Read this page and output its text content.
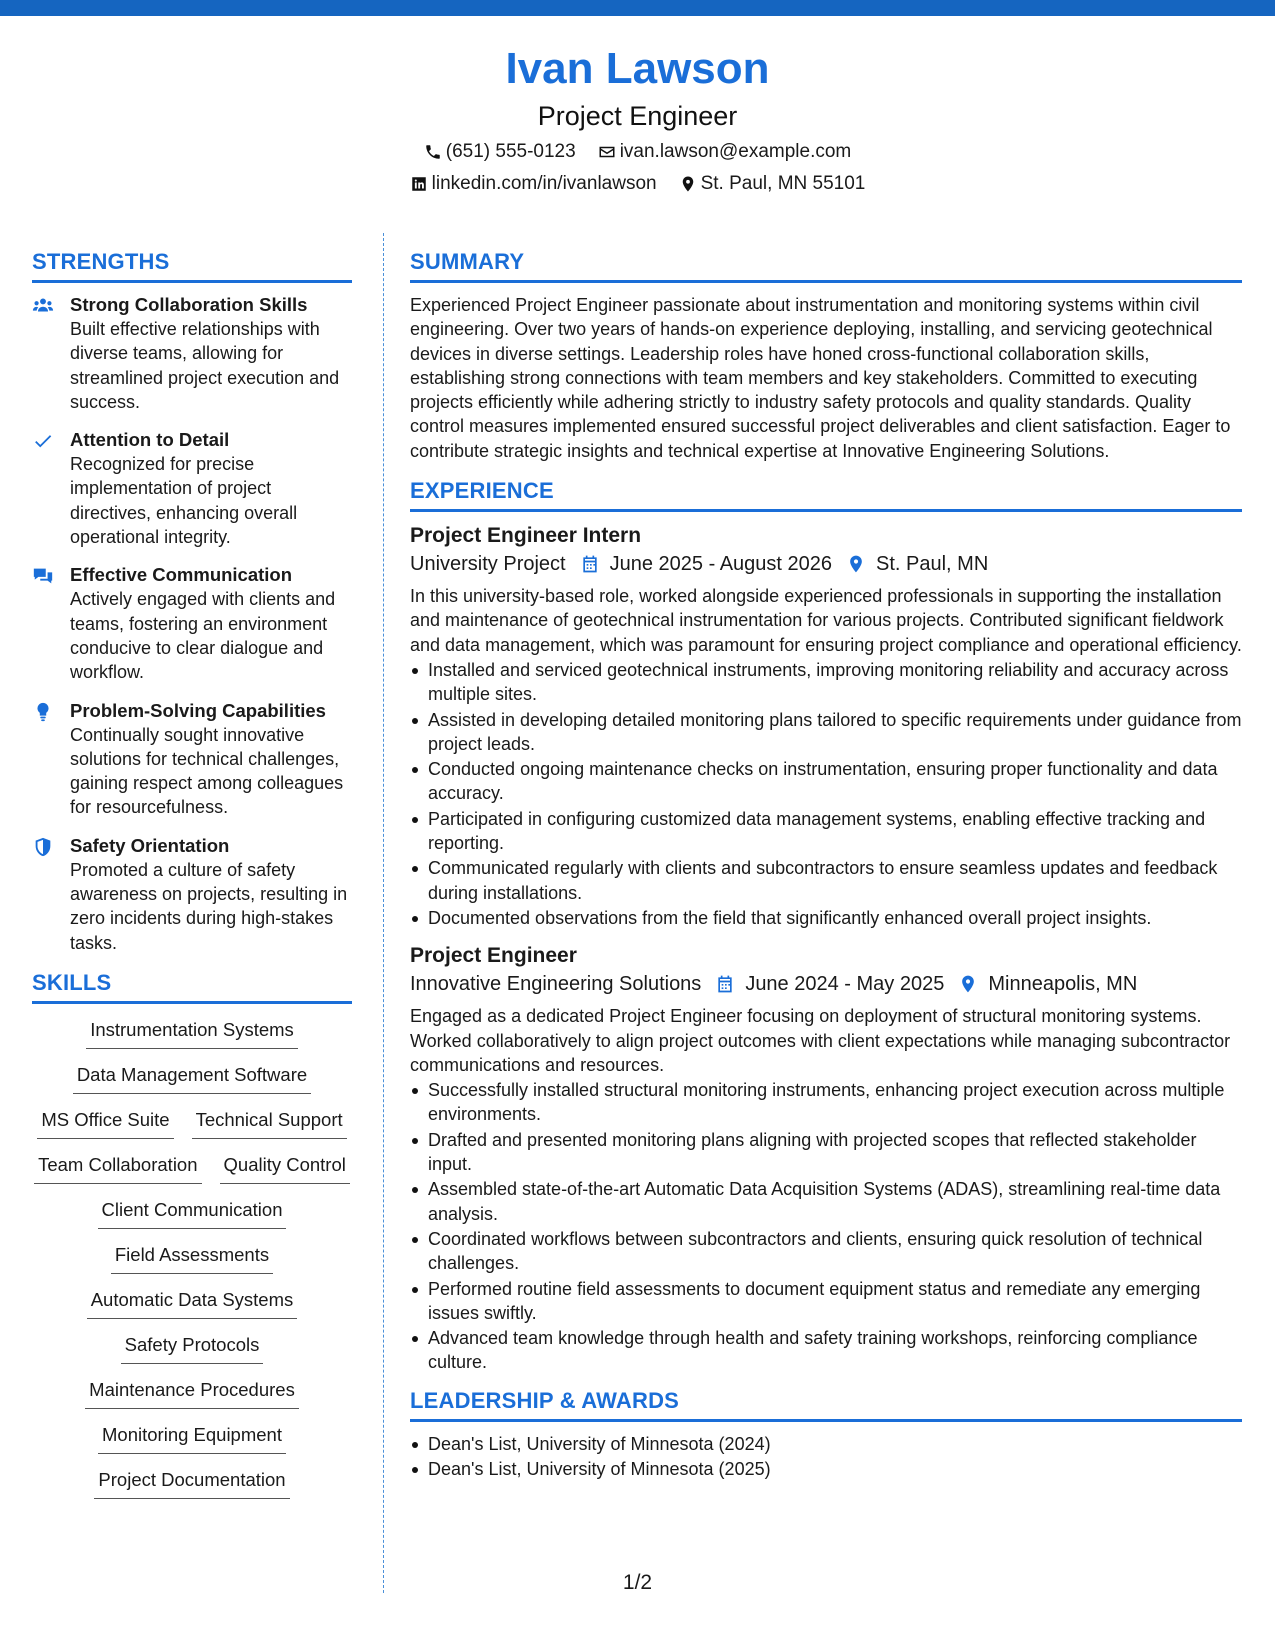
Ivan Lawson
Project Engineer
(651) 555-0123 ivan.lawson@example.com
linkedin.com/in/ivanlawson St. Paul, MN 55101
STRENGTHS
Strong Collaboration Skills
Built effective relationships with diverse teams, allowing for streamlined project execution and success.
Attention to Detail
Recognized for precise implementation of project directives, enhancing overall operational integrity.
Effective Communication
Actively engaged with clients and teams, fostering an environment conducive to clear dialogue and workflow.
Problem-Solving Capabilities
Continually sought innovative solutions for technical challenges, gaining respect among colleagues for resourcefulness.
Safety Orientation
Promoted a culture of safety awareness on projects, resulting in zero incidents during high-stakes tasks.
SKILLS
Instrumentation Systems
Data Management Software
MS Office Suite Technical Support
Team Collaboration Quality Control
Client Communication
Field Assessments
Automatic Data Systems
Safety Protocols
Maintenance Procedures
Monitoring Equipment
Project Documentation
SUMMARY
Experienced Project Engineer passionate about instrumentation and monitoring systems within civil engineering. Over two years of hands-on experience deploying, installing, and servicing geotechnical devices in diverse settings. Leadership roles have honed cross-functional collaboration skills, establishing strong connections with team members and key stakeholders. Committed to executing projects efficiently while adhering strictly to industry safety protocols and quality standards. Quality control measures implemented ensured successful project deliverables and client satisfaction. Eager to contribute strategic insights and technical expertise at Innovative Engineering Solutions.
EXPERIENCE
Project Engineer Intern
University Project June 2025 - August 2026 St. Paul, MN
In this university-based role, worked alongside experienced professionals in supporting the installation and maintenance of geotechnical instrumentation for various projects. Contributed significant fieldwork and data management, which was paramount for ensuring project compliance and operational efficiency.
Installed and serviced geotechnical instruments, improving monitoring reliability and accuracy across multiple sites.
Assisted in developing detailed monitoring plans tailored to specific requirements under guidance from project leads.
Conducted ongoing maintenance checks on instrumentation, ensuring proper functionality and data accuracy.
Participated in configuring customized data management systems, enabling effective tracking and reporting.
Communicated regularly with clients and subcontractors to ensure seamless updates and feedback during installations.
Documented observations from the field that significantly enhanced overall project insights.
Project Engineer
Innovative Engineering Solutions June 2024 - May 2025 Minneapolis, MN
Engaged as a dedicated Project Engineer focusing on deployment of structural monitoring systems. Worked collaboratively to align project outcomes with client expectations while managing subcontractor communications and resources.
Successfully installed structural monitoring instruments, enhancing project execution across multiple environments.
Drafted and presented monitoring plans aligning with projected scopes that reflected stakeholder input.
Assembled state-of-the-art Automatic Data Acquisition Systems (ADAS), streamlining real-time data analysis.
Coordinated workflows between subcontractors and clients, ensuring quick resolution of technical challenges.
Performed routine field assessments to document equipment status and remediate any emerging issues swiftly.
Advanced team knowledge through health and safety training workshops, reinforcing compliance culture.
LEADERSHIP & AWARDS
Dean's List, University of Minnesota (2024)
Dean's List, University of Minnesota (2025)
1/2
